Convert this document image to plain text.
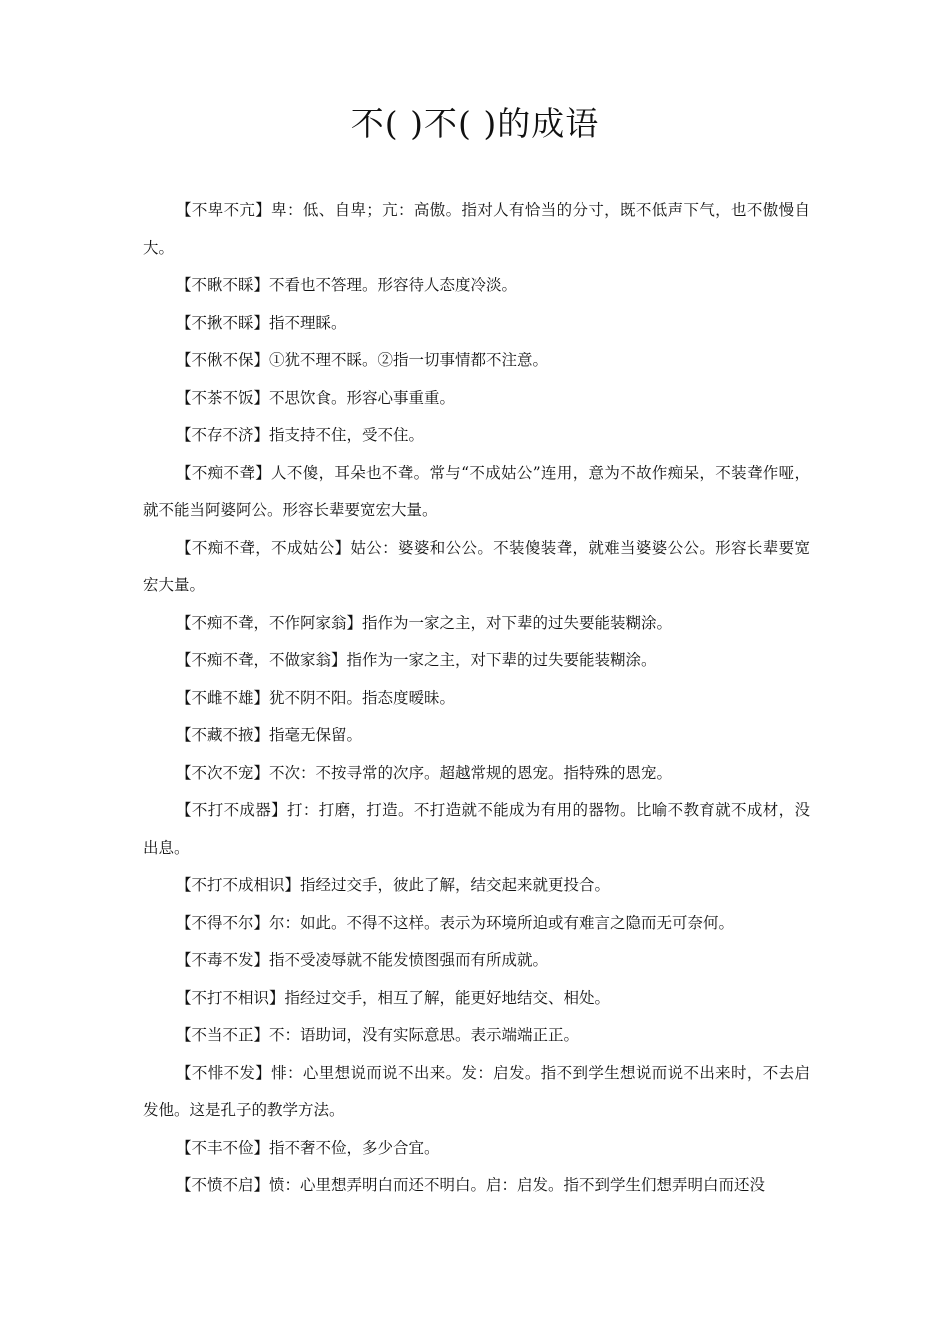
不( )不( )的成语

【不卑不亢】卑：低、自卑；亢：高傲。指对人有恰当的分寸，既不低声下气，也不傲慢自大。

【不瞅不睬】不看也不答理。形容待人态度冷淡。

【不揪不睬】指不理睬。

【不偢不保】①犹不理不睬。②指一切事情都不注意。

【不茶不饭】不思饮食。形容心事重重。

【不存不济】指支持不住，受不住。

【不痴不聋】人不傻，耳朵也不聋。常与“不成姑公”连用，意为不故作痴呆，不装聋作哑，就不能当阿婆阿公。形容长辈要宽宏大量。

【不痴不聋，不成姑公】姑公：婆婆和公公。不装傻装聋，就难当婆婆公公。形容长辈要宽宏大量。

【不痴不聋，不作阿家翁】指作为一家之主，对下辈的过失要能装糊涂。

【不痴不聋，不做家翁】指作为一家之主，对下辈的过失要能装糊涂。

【不雌不雄】犹不阴不阳。指态度暧昧。

【不藏不掖】指毫无保留。

【不次不宠】不次：不按寻常的次序。超越常规的恩宠。指特殊的恩宠。

【不打不成器】打：打磨，打造。不打造就不能成为有用的器物。比喻不教育就不成材，没出息。

【不打不成相识】指经过交手，彼此了解，结交起来就更投合。

【不得不尔】尔：如此。不得不这样。表示为环境所迫或有难言之隐而无可奈何。

【不毒不发】指不受凌辱就不能发愤图强而有所成就。

【不打不相识】指经过交手，相互了解，能更好地结交、相处。

【不当不正】不：语助词，没有实际意思。表示端端正正。

【不悱不发】悱：心里想说而说不出来。发：启发。指不到学生想说而说不出来时，不去启发他。这是孔子的教学方法。

【不丰不俭】指不奢不俭，多少合宜。

【不愤不启】愤：心里想弄明白而还不明白。启：启发。指不到学生们想弄明白而还没
